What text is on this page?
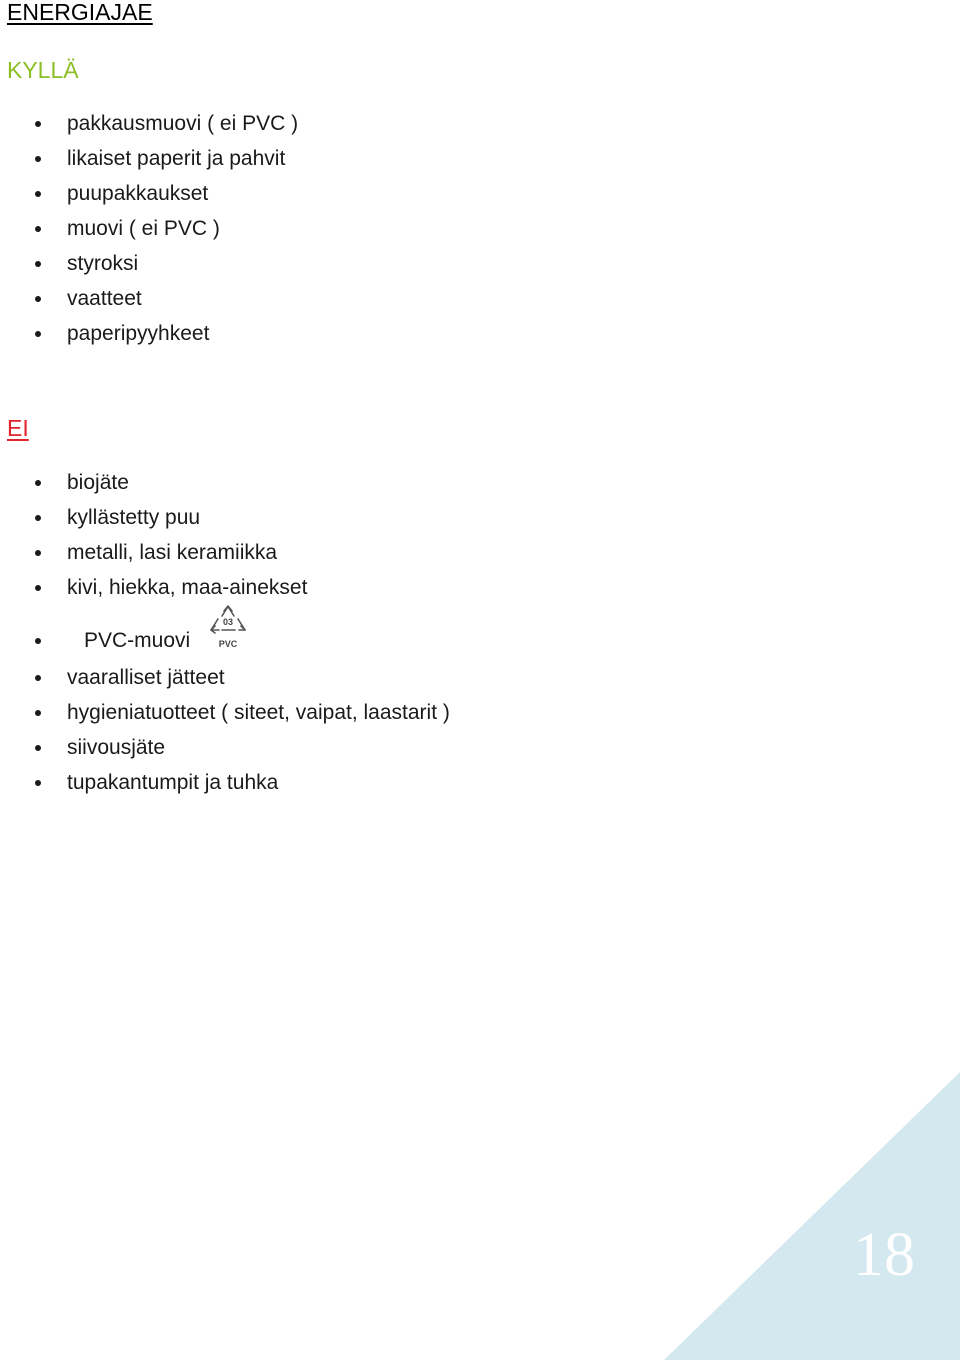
ENERGIAJAE
KYLLÄ
pakkausmuovi ( ei PVC )
likaiset paperit ja pahvit
puupakkaukset
muovi ( ei PVC )
styroksi
vaatteet
paperipyyhkeet
EI
biojäte
kyllästetty puu
metalli, lasi keramiikka
kivi, hiekka, maa-ainekset
PVC-muovi
03
PVC
vaaralliset jätteet
hygieniatuotteet ( siteet, vaipat, laastarit )
siivousjäte
tupakantumpit ja tuhka
18
